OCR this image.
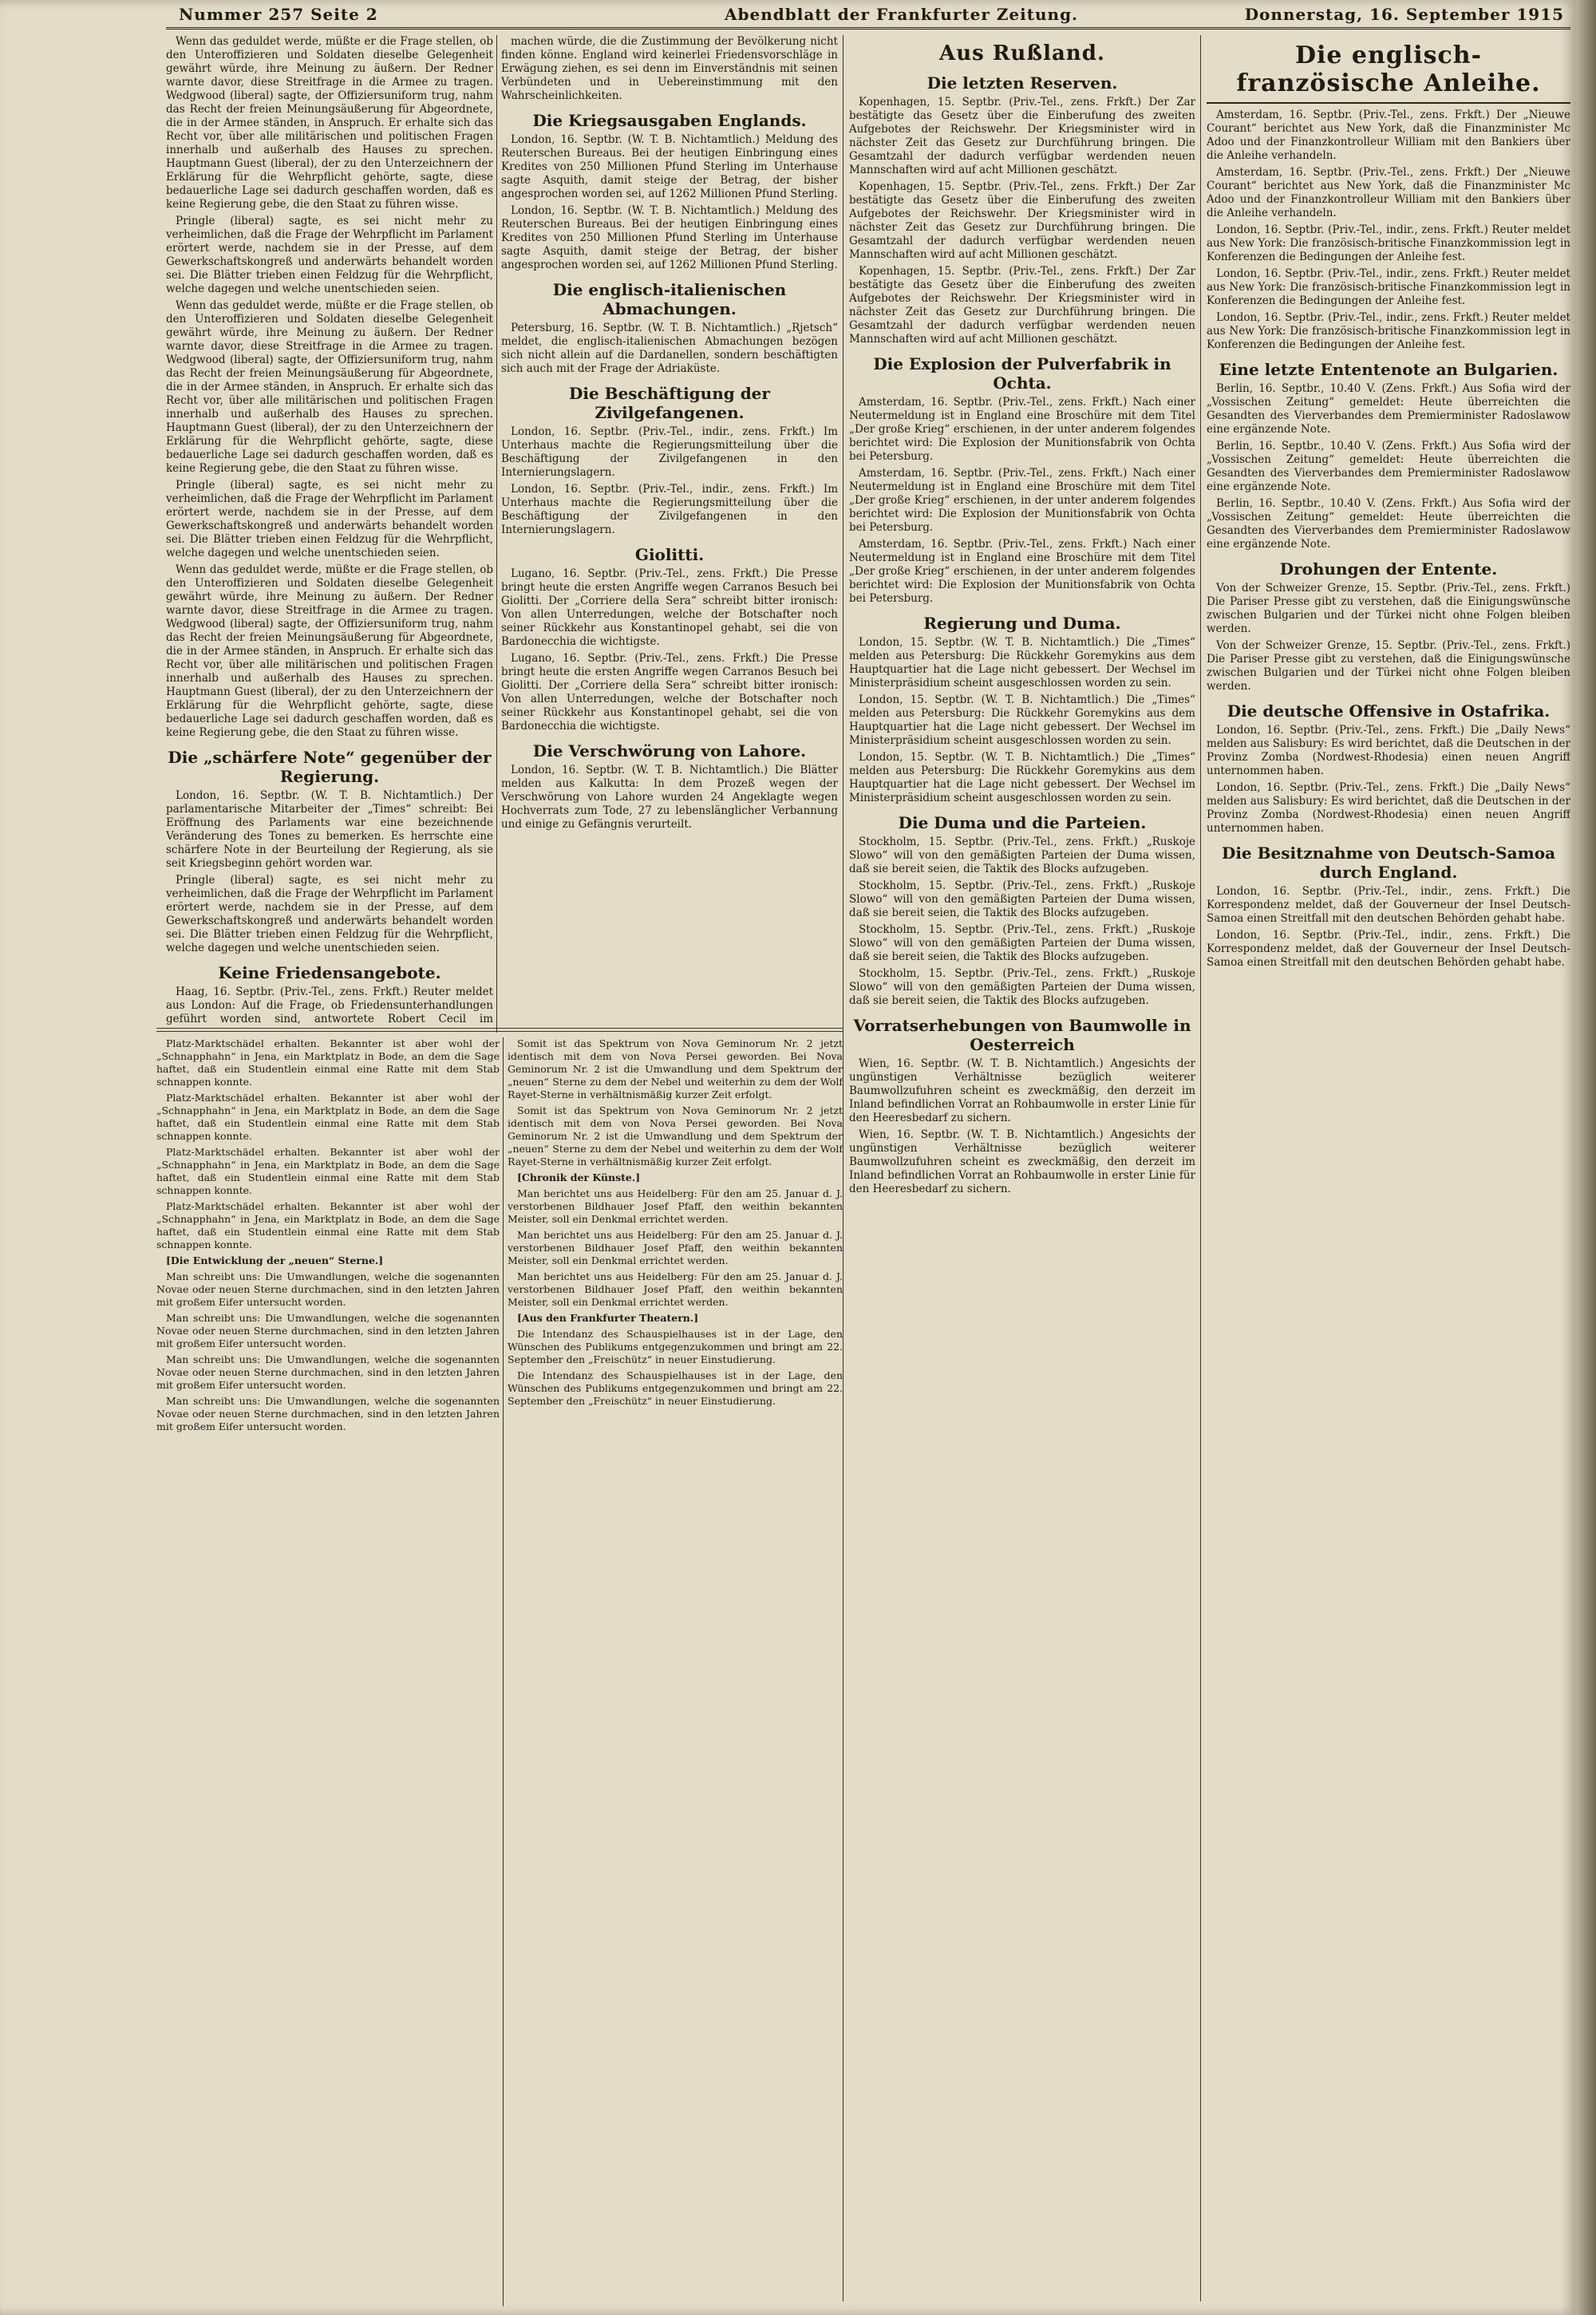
Nummer 257 Seite 2	Abendblatt der Frankfurter Zeitung.	Donnerstag, 16. September 1915

Wenn das geduldet werde, müßte er die Frage stellen, ob den Unteroffizieren und Soldaten dieselbe Gelegenheit gewährt würde, ihre Meinung zu äußern. Der Redner warnte davor, diese Streitfrage in die Armee zu tragen. Wedgwood (liberal) sagte, der Offiziersuniform trug, nahm das Recht der freien Meinungsäußerung für Abgeordnete, die in der Armee ständen, in Anspruch. Er erhalte sich das Recht vor, über alle militärischen und politischen Fragen innerhalb und außerhalb des Hauses zu sprechen. Hauptmann Guest (liberal), der zu den Unterzeichnern der Erklärung für die Wehrpflicht gehörte, sagte, diese bedauerliche Lage sei dadurch geschaffen worden, daß es keine Regierung gebe, die den Staat zu führen wisse.

Pringle (liberal) sagte, es sei nicht mehr zu verheimlichen, daß die Frage der Wehrpflicht im Parlament erörtert werde, nachdem sie in der Presse, auf dem Gewerkschaftskongreß und anderwärts behandelt worden sei. Die Blätter trieben einen Feldzug für die Wehrpflicht, welche dagegen und welche unentschieden seien.

Wenn das geduldet werde, müßte er die Frage stellen, ob den Unteroffizieren und Soldaten dieselbe Gelegenheit gewährt würde, ihre Meinung zu äußern. Der Redner warnte davor, diese Streitfrage in die Armee zu tragen. Wedgwood (liberal) sagte, der Offiziersuniform trug, nahm das Recht der freien Meinungsäußerung für Abgeordnete, die in der Armee ständen, in Anspruch. Er erhalte sich das Recht vor, über alle militärischen und politischen Fragen innerhalb und außerhalb des Hauses zu sprechen. Hauptmann Guest (liberal), der zu den Unterzeichnern der Erklärung für die Wehrpflicht gehörte, sagte, diese bedauerliche Lage sei dadurch geschaffen worden, daß es keine Regierung gebe, die den Staat zu führen wisse.

Pringle (liberal) sagte, es sei nicht mehr zu verheimlichen, daß die Frage der Wehrpflicht im Parlament erörtert werde, nachdem sie in der Presse, auf dem Gewerkschaftskongreß und anderwärts behandelt worden sei. Die Blätter trieben einen Feldzug für die Wehrpflicht, welche dagegen und welche unentschieden seien.

Wenn das geduldet werde, müßte er die Frage stellen, ob den Unteroffizieren und Soldaten dieselbe Gelegenheit gewährt würde, ihre Meinung zu äußern. Der Redner warnte davor, diese Streitfrage in die Armee zu tragen. Wedgwood (liberal) sagte, der Offiziersuniform trug, nahm das Recht der freien Meinungsäußerung für Abgeordnete, die in der Armee ständen, in Anspruch. Er erhalte sich das Recht vor, über alle militärischen und politischen Fragen innerhalb und außerhalb des Hauses zu sprechen. Hauptmann Guest (liberal), der zu den Unterzeichnern der Erklärung für die Wehrpflicht gehörte, sagte, diese bedauerliche Lage sei dadurch geschaffen worden, daß es keine Regierung gebe, die den Staat zu führen wisse.

Die „schärfere Note“ gegenüber der Regierung.

London, 16. Septbr. (W. T. B. Nichtamtlich.) Der parlamentarische Mitarbeiter der „Times“ schreibt: Bei Eröffnung des Parlaments war eine bezeichnende Veränderung des Tones zu bemerken. Es herrschte eine schärfere Note in der Beurteilung der Regierung, als sie seit Kriegsbeginn gehört worden war.

Pringle (liberal) sagte, es sei nicht mehr zu verheimlichen, daß die Frage der Wehrpflicht im Parlament erörtert werde, nachdem sie in der Presse, auf dem Gewerkschaftskongreß und anderwärts behandelt worden sei. Die Blätter trieben einen Feldzug für die Wehrpflicht, welche dagegen und welche unentschieden seien.

Keine Friedensangebote.

Haag, 16. Septbr. (Priv.-Tel., zens. Frkft.) Reuter meldet aus London: Auf die Frage, ob Friedensunterhandlungen geführt worden sind, antwortete Robert Cecil im

machen würde, die die Zustimmung der Bevölkerung nicht finden könne. England wird keinerlei Friedensvorschläge in Erwägung ziehen, es sei denn im Einverständnis mit seinen Verbündeten und in Uebereinstimmung mit den Wahrscheinlichkeiten.

Die Kriegsausgaben Englands.

London, 16. Septbr. (W. T. B. Nichtamtlich.) Meldung des Reuterschen Bureaus. Bei der heutigen Einbringung eines Kredites von 250 Millionen Pfund Sterling im Unterhause sagte Asquith, damit steige der Betrag, der bisher angesprochen worden sei, auf 1262 Millionen Pfund Sterling.

London, 16. Septbr. (W. T. B. Nichtamtlich.) Meldung des Reuterschen Bureaus. Bei der heutigen Einbringung eines Kredites von 250 Millionen Pfund Sterling im Unterhause sagte Asquith, damit steige der Betrag, der bisher angesprochen worden sei, auf 1262 Millionen Pfund Sterling.

Die englisch-italienischen Abmachungen.

Petersburg, 16. Septbr. (W. T. B. Nichtamtlich.) „Rjetsch“ meldet, die englisch-italienischen Abmachungen bezögen sich nicht allein auf die Dardanellen, sondern beschäftigten sich auch mit der Frage der Adriaküste.

Die Beschäftigung der Zivilgefangenen.

London, 16. Septbr. (Priv.-Tel., indir., zens. Frkft.) Im Unterhaus machte die Regierungsmitteilung über die Beschäftigung der Zivilgefangenen in den Internierungslagern.

London, 16. Septbr. (Priv.-Tel., indir., zens. Frkft.) Im Unterhaus machte die Regierungsmitteilung über die Beschäftigung der Zivilgefangenen in den Internierungslagern.

Giolitti.

Lugano, 16. Septbr. (Priv.-Tel., zens. Frkft.) Die Presse bringt heute die ersten Angriffe wegen Carranos Besuch bei Giolitti. Der „Corriere della Sera“ schreibt bitter ironisch: Von allen Unterredungen, welche der Botschafter noch seiner Rückkehr aus Konstantinopel gehabt, sei die von Bardonecchia die wichtigste.

Lugano, 16. Septbr. (Priv.-Tel., zens. Frkft.) Die Presse bringt heute die ersten Angriffe wegen Carranos Besuch bei Giolitti. Der „Corriere della Sera“ schreibt bitter ironisch: Von allen Unterredungen, welche der Botschafter noch seiner Rückkehr aus Konstantinopel gehabt, sei die von Bardonecchia die wichtigste.

Die Verschwörung von Lahore.

London, 16. Septbr. (W. T. B. Nichtamtlich.) Die Blätter melden aus Kalkutta: In dem Prozeß wegen der Verschwörung von Lahore wurden 24 Angeklagte wegen Hochverrats zum Tode, 27 zu lebenslänglicher Verbannung und einige zu Gefängnis verurteilt.

Aus Rußland.
Die letzten Reserven.

Kopenhagen, 15. Septbr. (Priv.-Tel., zens. Frkft.) Der Zar bestätigte das Gesetz über die Einberufung des zweiten Aufgebotes der Reichswehr. Der Kriegsminister wird in nächster Zeit das Gesetz zur Durchführung bringen. Die Gesamtzahl der dadurch verfügbar werdenden neuen Mannschaften wird auf acht Millionen geschätzt.

Kopenhagen, 15. Septbr. (Priv.-Tel., zens. Frkft.) Der Zar bestätigte das Gesetz über die Einberufung des zweiten Aufgebotes der Reichswehr. Der Kriegsminister wird in nächster Zeit das Gesetz zur Durchführung bringen. Die Gesamtzahl der dadurch verfügbar werdenden neuen Mannschaften wird auf acht Millionen geschätzt.

Kopenhagen, 15. Septbr. (Priv.-Tel., zens. Frkft.) Der Zar bestätigte das Gesetz über die Einberufung des zweiten Aufgebotes der Reichswehr. Der Kriegsminister wird in nächster Zeit das Gesetz zur Durchführung bringen. Die Gesamtzahl der dadurch verfügbar werdenden neuen Mannschaften wird auf acht Millionen geschätzt.

Die Explosion der Pulverfabrik in Ochta.

Amsterdam, 16. Septbr. (Priv.-Tel., zens. Frkft.) Nach einer Neutermeldung ist in England eine Broschüre mit dem Titel „Der große Krieg“ erschienen, in der unter anderem folgendes berichtet wird: Die Explosion der Munitionsfabrik von Ochta bei Petersburg.

Amsterdam, 16. Septbr. (Priv.-Tel., zens. Frkft.) Nach einer Neutermeldung ist in England eine Broschüre mit dem Titel „Der große Krieg“ erschienen, in der unter anderem folgendes berichtet wird: Die Explosion der Munitionsfabrik von Ochta bei Petersburg.

Amsterdam, 16. Septbr. (Priv.-Tel., zens. Frkft.) Nach einer Neutermeldung ist in England eine Broschüre mit dem Titel „Der große Krieg“ erschienen, in der unter anderem folgendes berichtet wird: Die Explosion der Munitionsfabrik von Ochta bei Petersburg.

Regierung und Duma.

London, 15. Septbr. (W. T. B. Nichtamtlich.) Die „Times“ melden aus Petersburg: Die Rückkehr Goremykins aus dem Hauptquartier hat die Lage nicht gebessert. Der Wechsel im Ministerpräsidium scheint ausgeschlossen worden zu sein.

London, 15. Septbr. (W. T. B. Nichtamtlich.) Die „Times“ melden aus Petersburg: Die Rückkehr Goremykins aus dem Hauptquartier hat die Lage nicht gebessert. Der Wechsel im Ministerpräsidium scheint ausgeschlossen worden zu sein.

London, 15. Septbr. (W. T. B. Nichtamtlich.) Die „Times“ melden aus Petersburg: Die Rückkehr Goremykins aus dem Hauptquartier hat die Lage nicht gebessert. Der Wechsel im Ministerpräsidium scheint ausgeschlossen worden zu sein.

Die Duma und die Parteien.

Stockholm, 15. Septbr. (Priv.-Tel., zens. Frkft.) „Ruskoje Slowo“ will von den gemäßigten Parteien der Duma wissen, daß sie bereit seien, die Taktik des Blocks aufzugeben.

Stockholm, 15. Septbr. (Priv.-Tel., zens. Frkft.) „Ruskoje Slowo“ will von den gemäßigten Parteien der Duma wissen, daß sie bereit seien, die Taktik des Blocks aufzugeben.

Stockholm, 15. Septbr. (Priv.-Tel., zens. Frkft.) „Ruskoje Slowo“ will von den gemäßigten Parteien der Duma wissen, daß sie bereit seien, die Taktik des Blocks aufzugeben.

Stockholm, 15. Septbr. (Priv.-Tel., zens. Frkft.) „Ruskoje Slowo“ will von den gemäßigten Parteien der Duma wissen, daß sie bereit seien, die Taktik des Blocks aufzugeben.

Vorratserhebungen von Baumwolle in Oesterreich

Wien, 16. Septbr. (W. T. B. Nichtamtlich.) Angesichts der ungünstigen Verhältnisse bezüglich weiterer Baumwollzufuhren scheint es zweckmäßig, den derzeit im Inland befindlichen Vorrat an Rohbaumwolle in erster Linie für den Heeresbedarf zu sichern.

Wien, 16. Septbr. (W. T. B. Nichtamtlich.) Angesichts der ungünstigen Verhältnisse bezüglich weiterer Baumwollzufuhren scheint es zweckmäßig, den derzeit im Inland befindlichen Vorrat an Rohbaumwolle in erster Linie für den Heeresbedarf zu sichern.

Die englisch-französische Anleihe.

Amsterdam, 16. Septbr. (Priv.-Tel., zens. Frkft.) Der „Nieuwe Courant“ berichtet aus New York, daß die Finanzminister Mc Adoo und der Finanzkontrolleur William mit den Bankiers über die Anleihe verhandeln.

Amsterdam, 16. Septbr. (Priv.-Tel., zens. Frkft.) Der „Nieuwe Courant“ berichtet aus New York, daß die Finanzminister Mc Adoo und der Finanzkontrolleur William mit den Bankiers über die Anleihe verhandeln.

London, 16. Septbr. (Priv.-Tel., indir., zens. Frkft.) Reuter meldet aus New York: Die französisch-britische Finanzkommission legt in Konferenzen die Bedingungen der Anleihe fest.

London, 16. Septbr. (Priv.-Tel., indir., zens. Frkft.) Reuter meldet aus New York: Die französisch-britische Finanzkommission legt in Konferenzen die Bedingungen der Anleihe fest.

London, 16. Septbr. (Priv.-Tel., indir., zens. Frkft.) Reuter meldet aus New York: Die französisch-britische Finanzkommission legt in Konferenzen die Bedingungen der Anleihe fest.

Eine letzte Ententenote an Bulgarien.

Berlin, 16. Septbr., 10.40 V. (Zens. Frkft.) Aus Sofia wird der „Vossischen Zeitung“ gemeldet: Heute überreichten die Gesandten des Vierverbandes dem Premierminister Radoslawow eine ergänzende Note.

Berlin, 16. Septbr., 10.40 V. (Zens. Frkft.) Aus Sofia wird der „Vossischen Zeitung“ gemeldet: Heute überreichten die Gesandten des Vierverbandes dem Premierminister Radoslawow eine ergänzende Note.

Berlin, 16. Septbr., 10.40 V. (Zens. Frkft.) Aus Sofia wird der „Vossischen Zeitung“ gemeldet: Heute überreichten die Gesandten des Vierverbandes dem Premierminister Radoslawow eine ergänzende Note.

Drohungen der Entente.

Von der Schweizer Grenze, 15. Septbr. (Priv.-Tel., zens. Frkft.) Die Pariser Presse gibt zu verstehen, daß die Einigungswünsche zwischen Bulgarien und der Türkei nicht ohne Folgen bleiben werden.

Von der Schweizer Grenze, 15. Septbr. (Priv.-Tel., zens. Frkft.) Die Pariser Presse gibt zu verstehen, daß die Einigungswünsche zwischen Bulgarien und der Türkei nicht ohne Folgen bleiben werden.

Die deutsche Offensive in Ostafrika.

London, 16. Septbr. (Priv.-Tel., zens. Frkft.) Die „Daily News“ melden aus Salisbury: Es wird berichtet, daß die Deutschen in der Provinz Zomba (Nordwest-Rhodesia) einen neuen Angriff unternommen haben.

London, 16. Septbr. (Priv.-Tel., zens. Frkft.) Die „Daily News“ melden aus Salisbury: Es wird berichtet, daß die Deutschen in der Provinz Zomba (Nordwest-Rhodesia) einen neuen Angriff unternommen haben.

Die Besitznahme von Deutsch-Samoa durch England.

London, 16. Septbr. (Priv.-Tel., indir., zens. Frkft.) Die Korrespondenz meldet, daß der Gouverneur der Insel Deutsch-Samoa einen Streitfall mit den deutschen Behörden gehabt habe.

London, 16. Septbr. (Priv.-Tel., indir., zens. Frkft.) Die Korrespondenz meldet, daß der Gouverneur der Insel Deutsch-Samoa einen Streitfall mit den deutschen Behörden gehabt habe.

Platz-Marktschädel erhalten. Bekannter ist aber wohl der „Schnapphahn“ in Jena, ein Marktplatz in Bode, an dem die Sage haftet, daß ein Studentlein einmal eine Ratte mit dem Stab schnappen konnte.

Platz-Marktschädel erhalten. Bekannter ist aber wohl der „Schnapphahn“ in Jena, ein Marktplatz in Bode, an dem die Sage haftet, daß ein Studentlein einmal eine Ratte mit dem Stab schnappen konnte.

Platz-Marktschädel erhalten. Bekannter ist aber wohl der „Schnapphahn“ in Jena, ein Marktplatz in Bode, an dem die Sage haftet, daß ein Studentlein einmal eine Ratte mit dem Stab schnappen konnte.

Platz-Marktschädel erhalten. Bekannter ist aber wohl der „Schnapphahn“ in Jena, ein Marktplatz in Bode, an dem die Sage haftet, daß ein Studentlein einmal eine Ratte mit dem Stab schnappen konnte.

[Die Entwicklung der „neuen“ Sterne.]

Man schreibt uns: Die Umwandlungen, welche die sogenannten Novae oder neuen Sterne durchmachen, sind in den letzten Jahren mit großem Eifer untersucht worden.

Man schreibt uns: Die Umwandlungen, welche die sogenannten Novae oder neuen Sterne durchmachen, sind in den letzten Jahren mit großem Eifer untersucht worden.

Man schreibt uns: Die Umwandlungen, welche die sogenannten Novae oder neuen Sterne durchmachen, sind in den letzten Jahren mit großem Eifer untersucht worden.

Man schreibt uns: Die Umwandlungen, welche die sogenannten Novae oder neuen Sterne durchmachen, sind in den letzten Jahren mit großem Eifer untersucht worden.

Somit ist das Spektrum von Nova Geminorum Nr. 2 jetzt identisch mit dem von Nova Persei geworden. Bei Nova Geminorum Nr. 2 ist die Umwandlung und dem Spektrum der „neuen“ Sterne zu dem der Nebel und weiterhin zu dem der Wolf Rayet-Sterne in verhältnismäßig kurzer Zeit erfolgt.

Somit ist das Spektrum von Nova Geminorum Nr. 2 jetzt identisch mit dem von Nova Persei geworden. Bei Nova Geminorum Nr. 2 ist die Umwandlung und dem Spektrum der „neuen“ Sterne zu dem der Nebel und weiterhin zu dem der Wolf Rayet-Sterne in verhältnismäßig kurzer Zeit erfolgt.

[Chronik der Künste.]

Man berichtet uns aus Heidelberg: Für den am 25. Januar d. J. verstorbenen Bildhauer Josef Pfaff, den weithin bekannten Meister, soll ein Denkmal errichtet werden.

Man berichtet uns aus Heidelberg: Für den am 25. Januar d. J. verstorbenen Bildhauer Josef Pfaff, den weithin bekannten Meister, soll ein Denkmal errichtet werden.

Man berichtet uns aus Heidelberg: Für den am 25. Januar d. J. verstorbenen Bildhauer Josef Pfaff, den weithin bekannten Meister, soll ein Denkmal errichtet werden.

[Aus den Frankfurter Theatern.]

Die Intendanz des Schauspielhauses ist in der Lage, den Wünschen des Publikums entgegenzukommen und bringt am 22. September den „Freischütz“ in neuer Einstudierung.

Die Intendanz des Schauspielhauses ist in der Lage, den Wünschen des Publikums entgegenzukommen und bringt am 22. September den „Freischütz“ in neuer Einstudierung.
